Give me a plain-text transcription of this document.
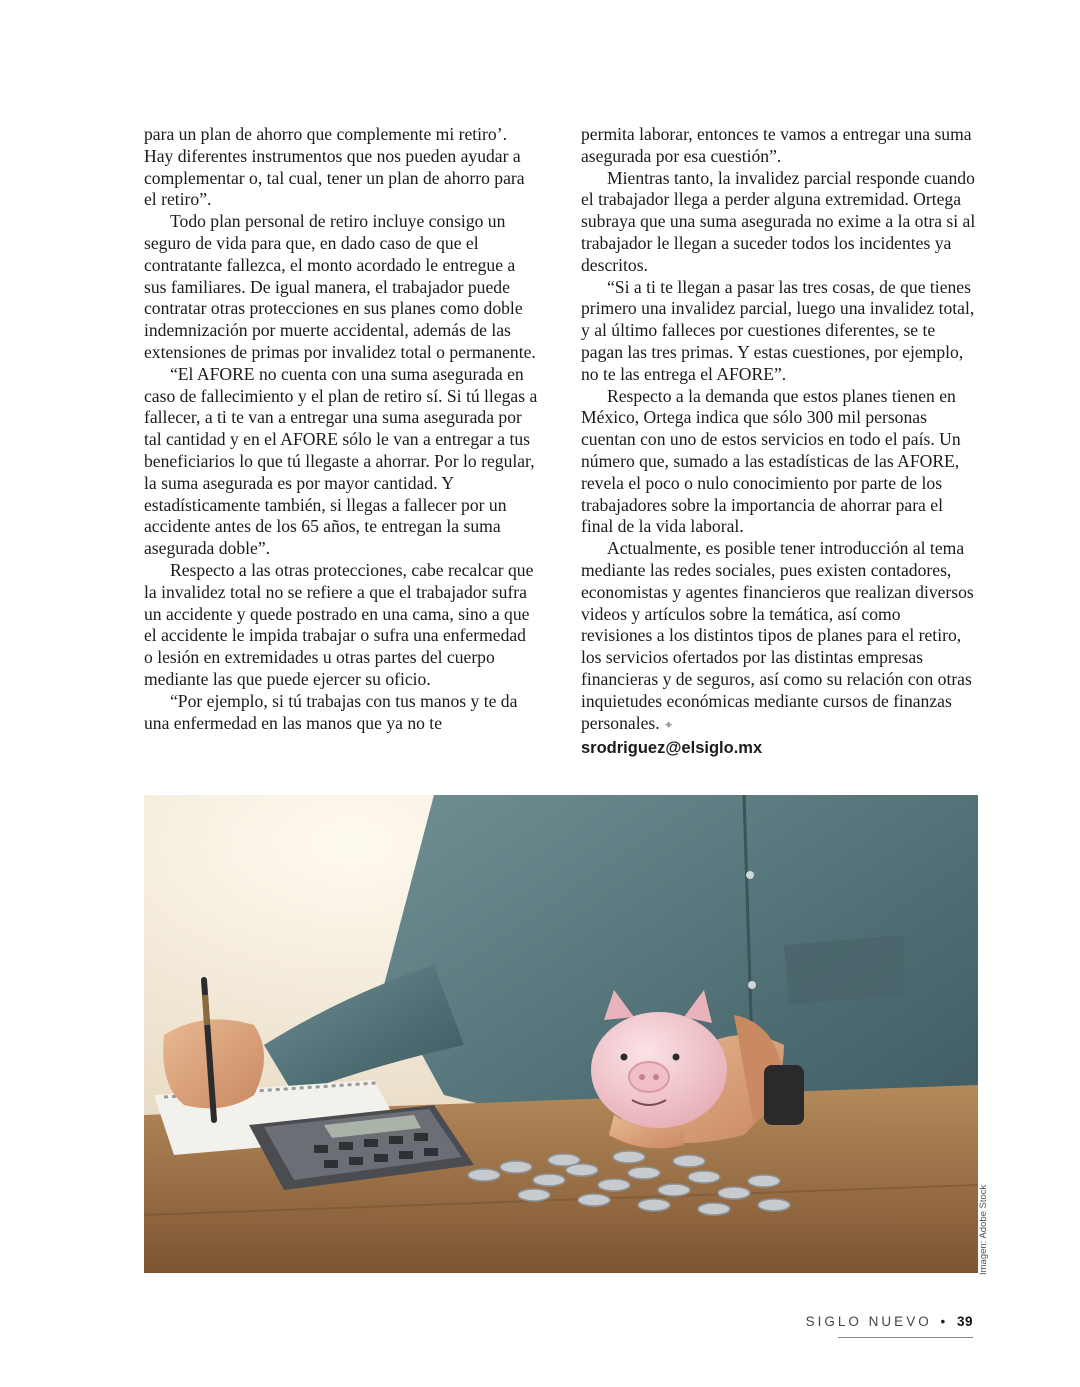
para un plan de ahorro que complemente mi retiro’. Hay diferentes instrumentos que nos pueden ayudar a complementar o, tal cual, tener un plan de ahorro para el retiro”.

Todo plan personal de retiro incluye consigo un seguro de vida para que, en dado caso de que el contratante fallezca, el monto acordado le entregue a sus familiares. De igual manera, el trabajador puede contratar otras protecciones en sus planes como doble indemnización por muerte accidental, además de las extensiones de primas por invalidez total o permanente.

“El AFORE no cuenta con una suma asegurada en caso de fallecimiento y el plan de retiro sí. Si tú llegas a fallecer, a ti te van a entregar una suma asegurada por tal cantidad y en el AFORE sólo le van a entregar a tus beneficiarios lo que tú llegaste a ahorrar. Por lo regular, la suma asegurada es por mayor cantidad. Y estadísticamente también, si llegas a fallecer por un accidente antes de los 65 años, te entregan la suma asegurada doble”.

Respecto a las otras protecciones, cabe recalcar que la invalidez total no se refiere a que el trabajador sufra un accidente y quede postrado en una cama, sino a que el accidente le impida trabajar o sufra una enfermedad o lesión en extremidades u otras partes del cuerpo mediante las que puede ejercer su oficio.

“Por ejemplo, si tú trabajas con tus manos y te da una enfermedad en las manos que ya no te

permita laborar, entonces te vamos a entregar una suma asegurada por esa cuestión”.

Mientras tanto, la invalidez parcial responde cuando el trabajador llega a perder alguna extremidad. Ortega subraya que una suma asegurada no exime a la otra si al trabajador le llegan a suceder todos los incidentes ya descritos.

“Si a ti te llegan a pasar las tres cosas, de que tienes primero una invalidez parcial, luego una invalidez total, y al último falleces por cuestiones diferentes, se te pagan las tres primas. Y estas cuestiones, por ejemplo, no te las entrega el AFORE”.

Respecto a la demanda que estos planes tienen en México, Ortega indica que sólo 300 mil personas cuentan con uno de estos servicios en todo el país. Un número que, sumado a las estadísticas de las AFORE, revela el poco o nulo conocimiento por parte de los trabajadores sobre la importancia de ahorrar para el final de la vida laboral.

Actualmente, es posible tener introducción al tema mediante las redes sociales, pues existen contadores, economistas y agentes financieros que realizan diversos videos y artículos sobre la temática, así como revisiones a los distintos tipos de planes para el retiro, los servicios ofertados por las distintas empresas financieras y de seguros, así como su relación con otras inquietudes económicas mediante cursos de finanzas personales. ✦

srodriguez@elsiglo.mx
Imagen: Adobe Stock
SIGLO NUEVO • 39
